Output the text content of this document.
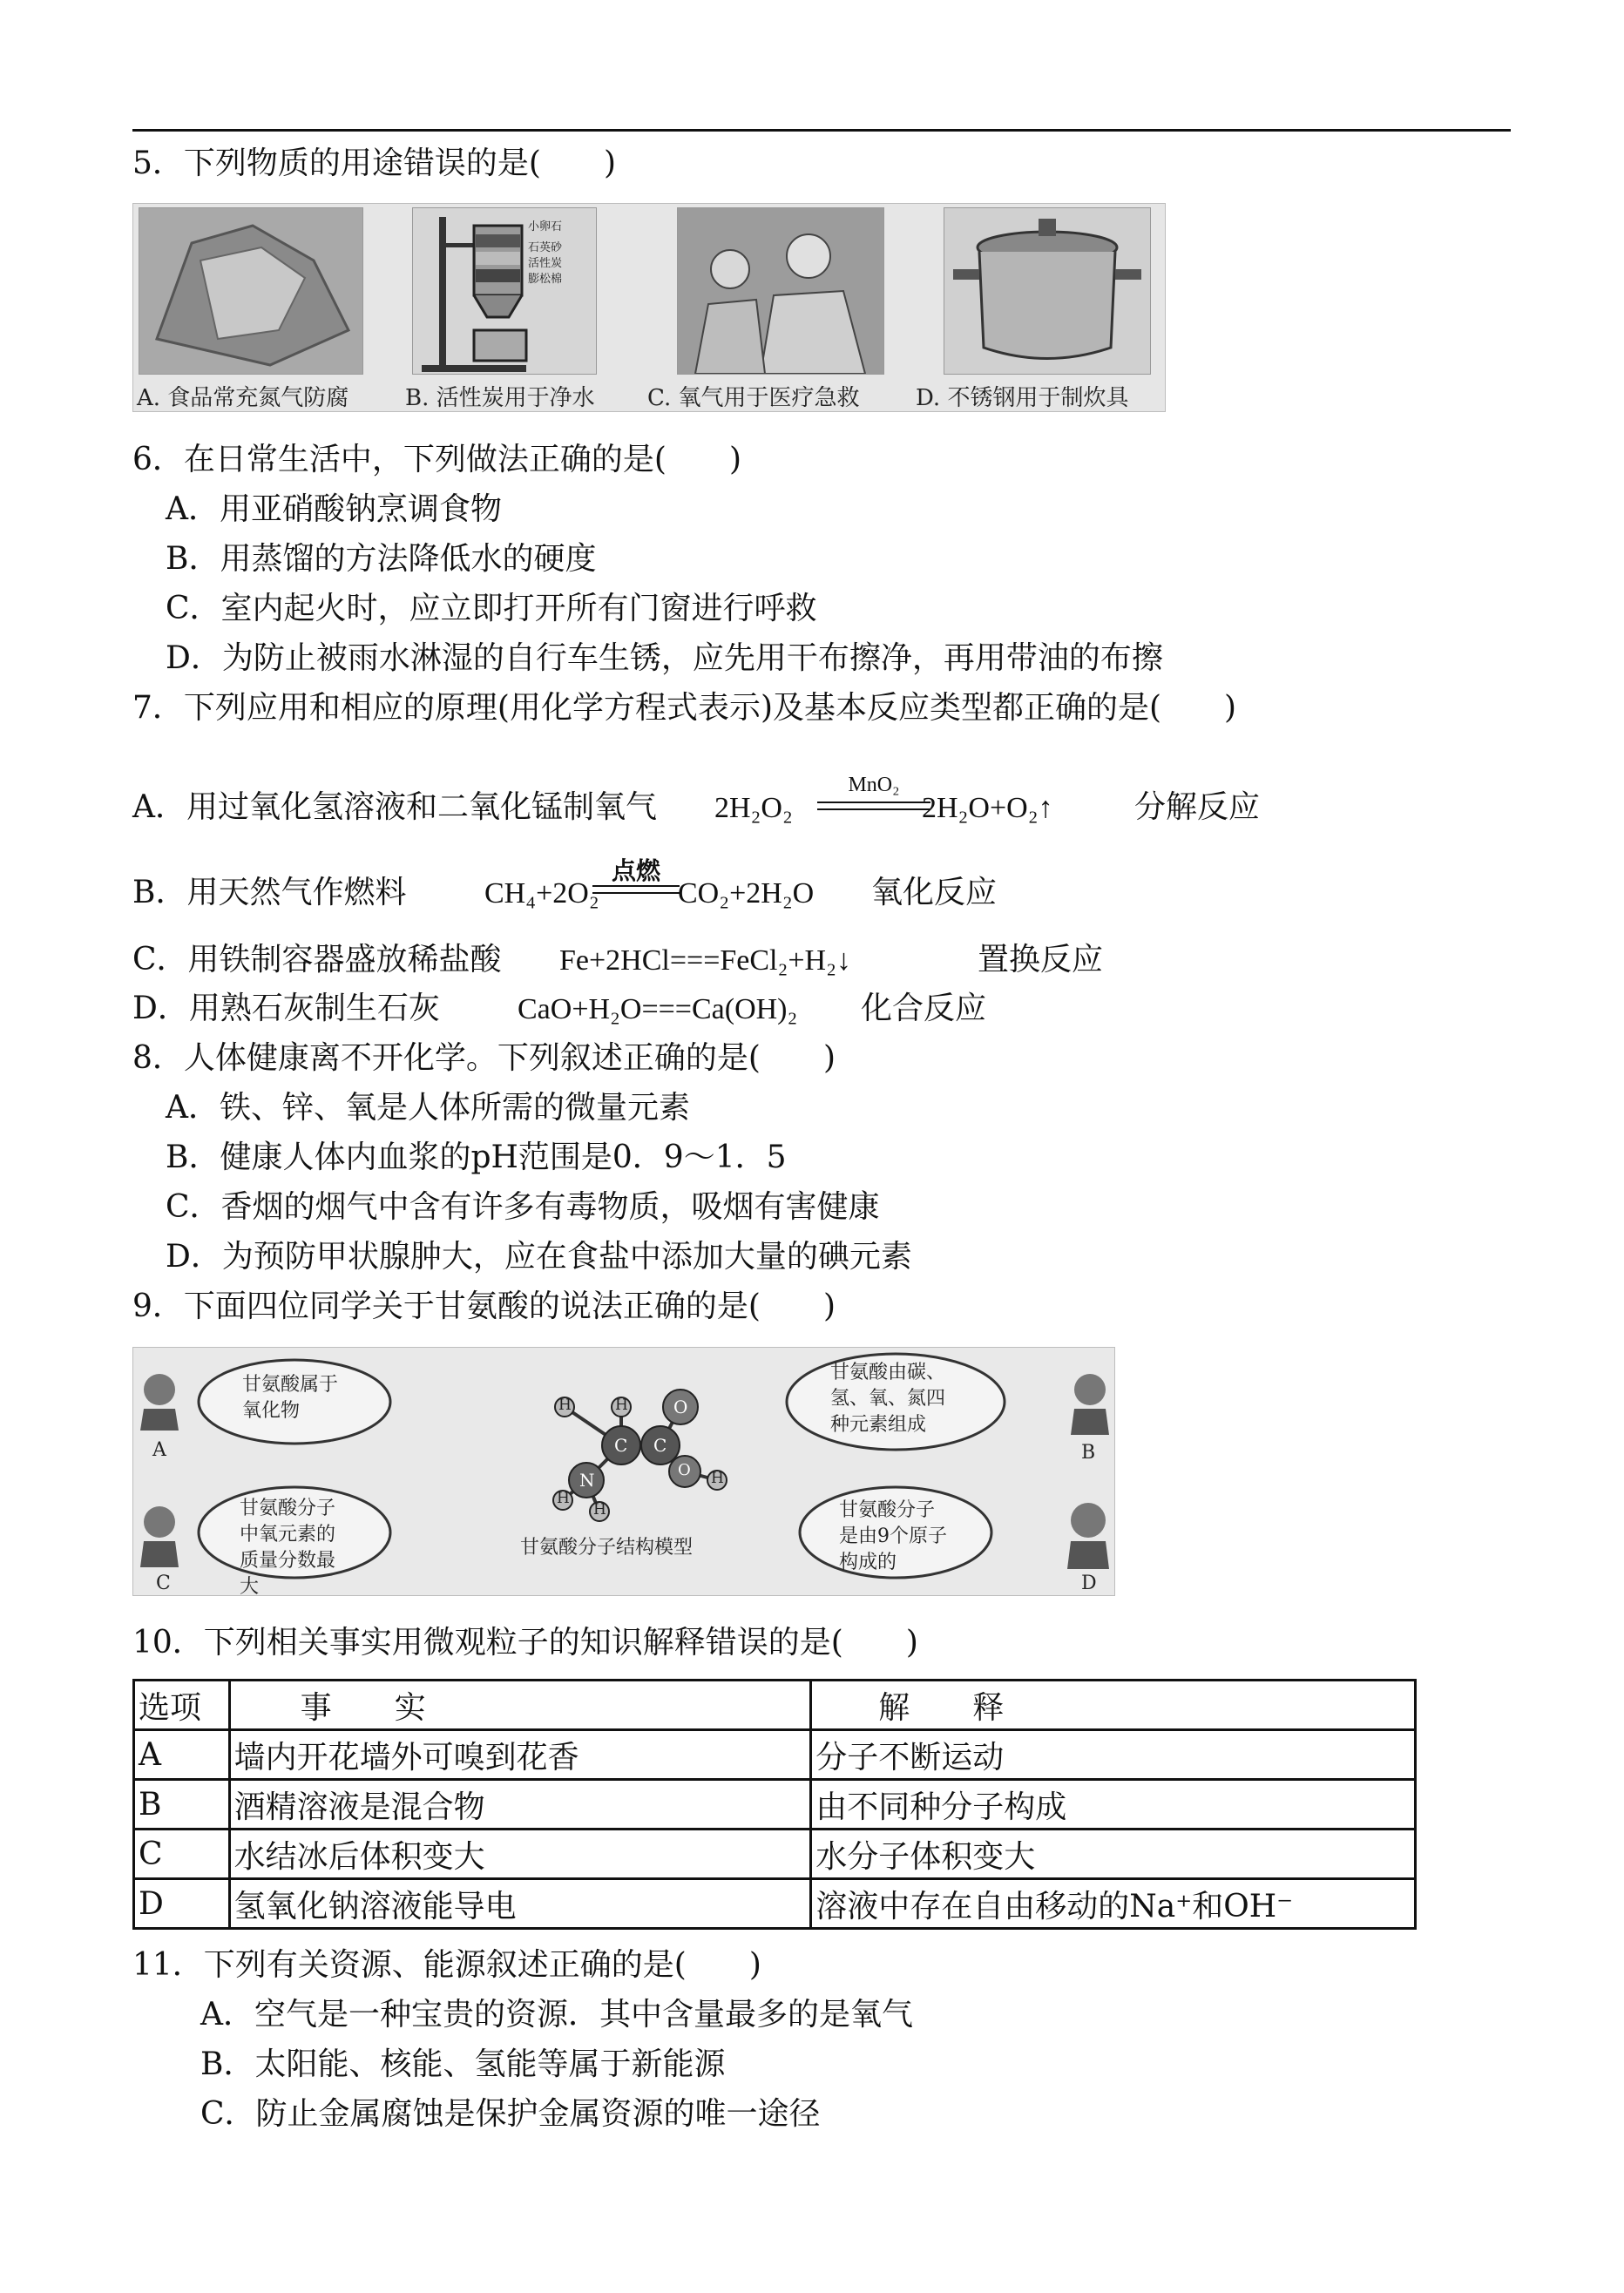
5．下列物质的用途错误的是(　　)
小卵石
石英砂
活性炭
膨松棉
A. 食品常充氮气防腐 B. 活性炭用于净水 C. 氧气用于医疗急救 D. 不锈钢用于制炊具
6．在日常生活中，下列做法正确的是(　　)
A．用亚硝酸钠烹调食物
B．用蒸馏的方法降低水的硬度
C．室内起火时，应立即打开所有门窗进行呼救
D．为防止被雨水淋湿的自行车生锈，应先用干布擦净，再用带油的布擦
7．下列应用和相应的原理(用化学方程式表示)及基本反应类型都正确的是(　　)
A．用过氧化氢溶液和二氧化锰制氧气 2H₂O₂
MnO₂
2H₂O+O₂↑	分解反应
B．用天然气作燃料	CH₄+2O₂
点燃
CO₂+2H₂O 氧化反应
C．用铁制容器盛放稀盐酸 Fe+2HCl===FeCl₂+H₂↓	置换反应
D．用熟石灰制生石灰	CaO+H₂O===Ca(OH)₂ 化合反应
8．人体健康离不开化学。下列叙述正确的是(　　)
A．铁、锌、氧是人体所需的微量元素
B．健康人体内血浆的pH范围是0．9～1．5
C．香烟的烟气中含有许多有毒物质，吸烟有害健康
D．为预防甲状腺肿大，应在食盐中添加大量的碘元素
9．下面四位同学关于甘氨酸的说法正确的是(　　)
H	H
C
O
C
O H
N
H
H
甘氨酸属于氧化物
甘氨酸由碳、氢、氧、氮四种元素组成
甘氨酸分子中氧元素的质量分数最大
甘氨酸分子是由9个原子构成的
A	B
C	D
甘氨酸分子结构模型
10．下列相关事实用微观粒子的知识解释错误的是(　　)
选项	事　　实	解　　释
A	墙内开花墙外可嗅到花香	分子不断运动
B	酒精溶液是混合物	由不同种分子构成
C	水结冰后体积变大	水分子体积变大
D	氢氧化钠溶液能导电	溶液中存在自由移动的Na⁺和OH⁻
11．下列有关资源、能源叙述正确的是(　　)
A．空气是一种宝贵的资源．其中含量最多的是氧气
B．太阳能、核能、氢能等属于新能源
C．防止金属腐蚀是保护金属资源的唯一途径
